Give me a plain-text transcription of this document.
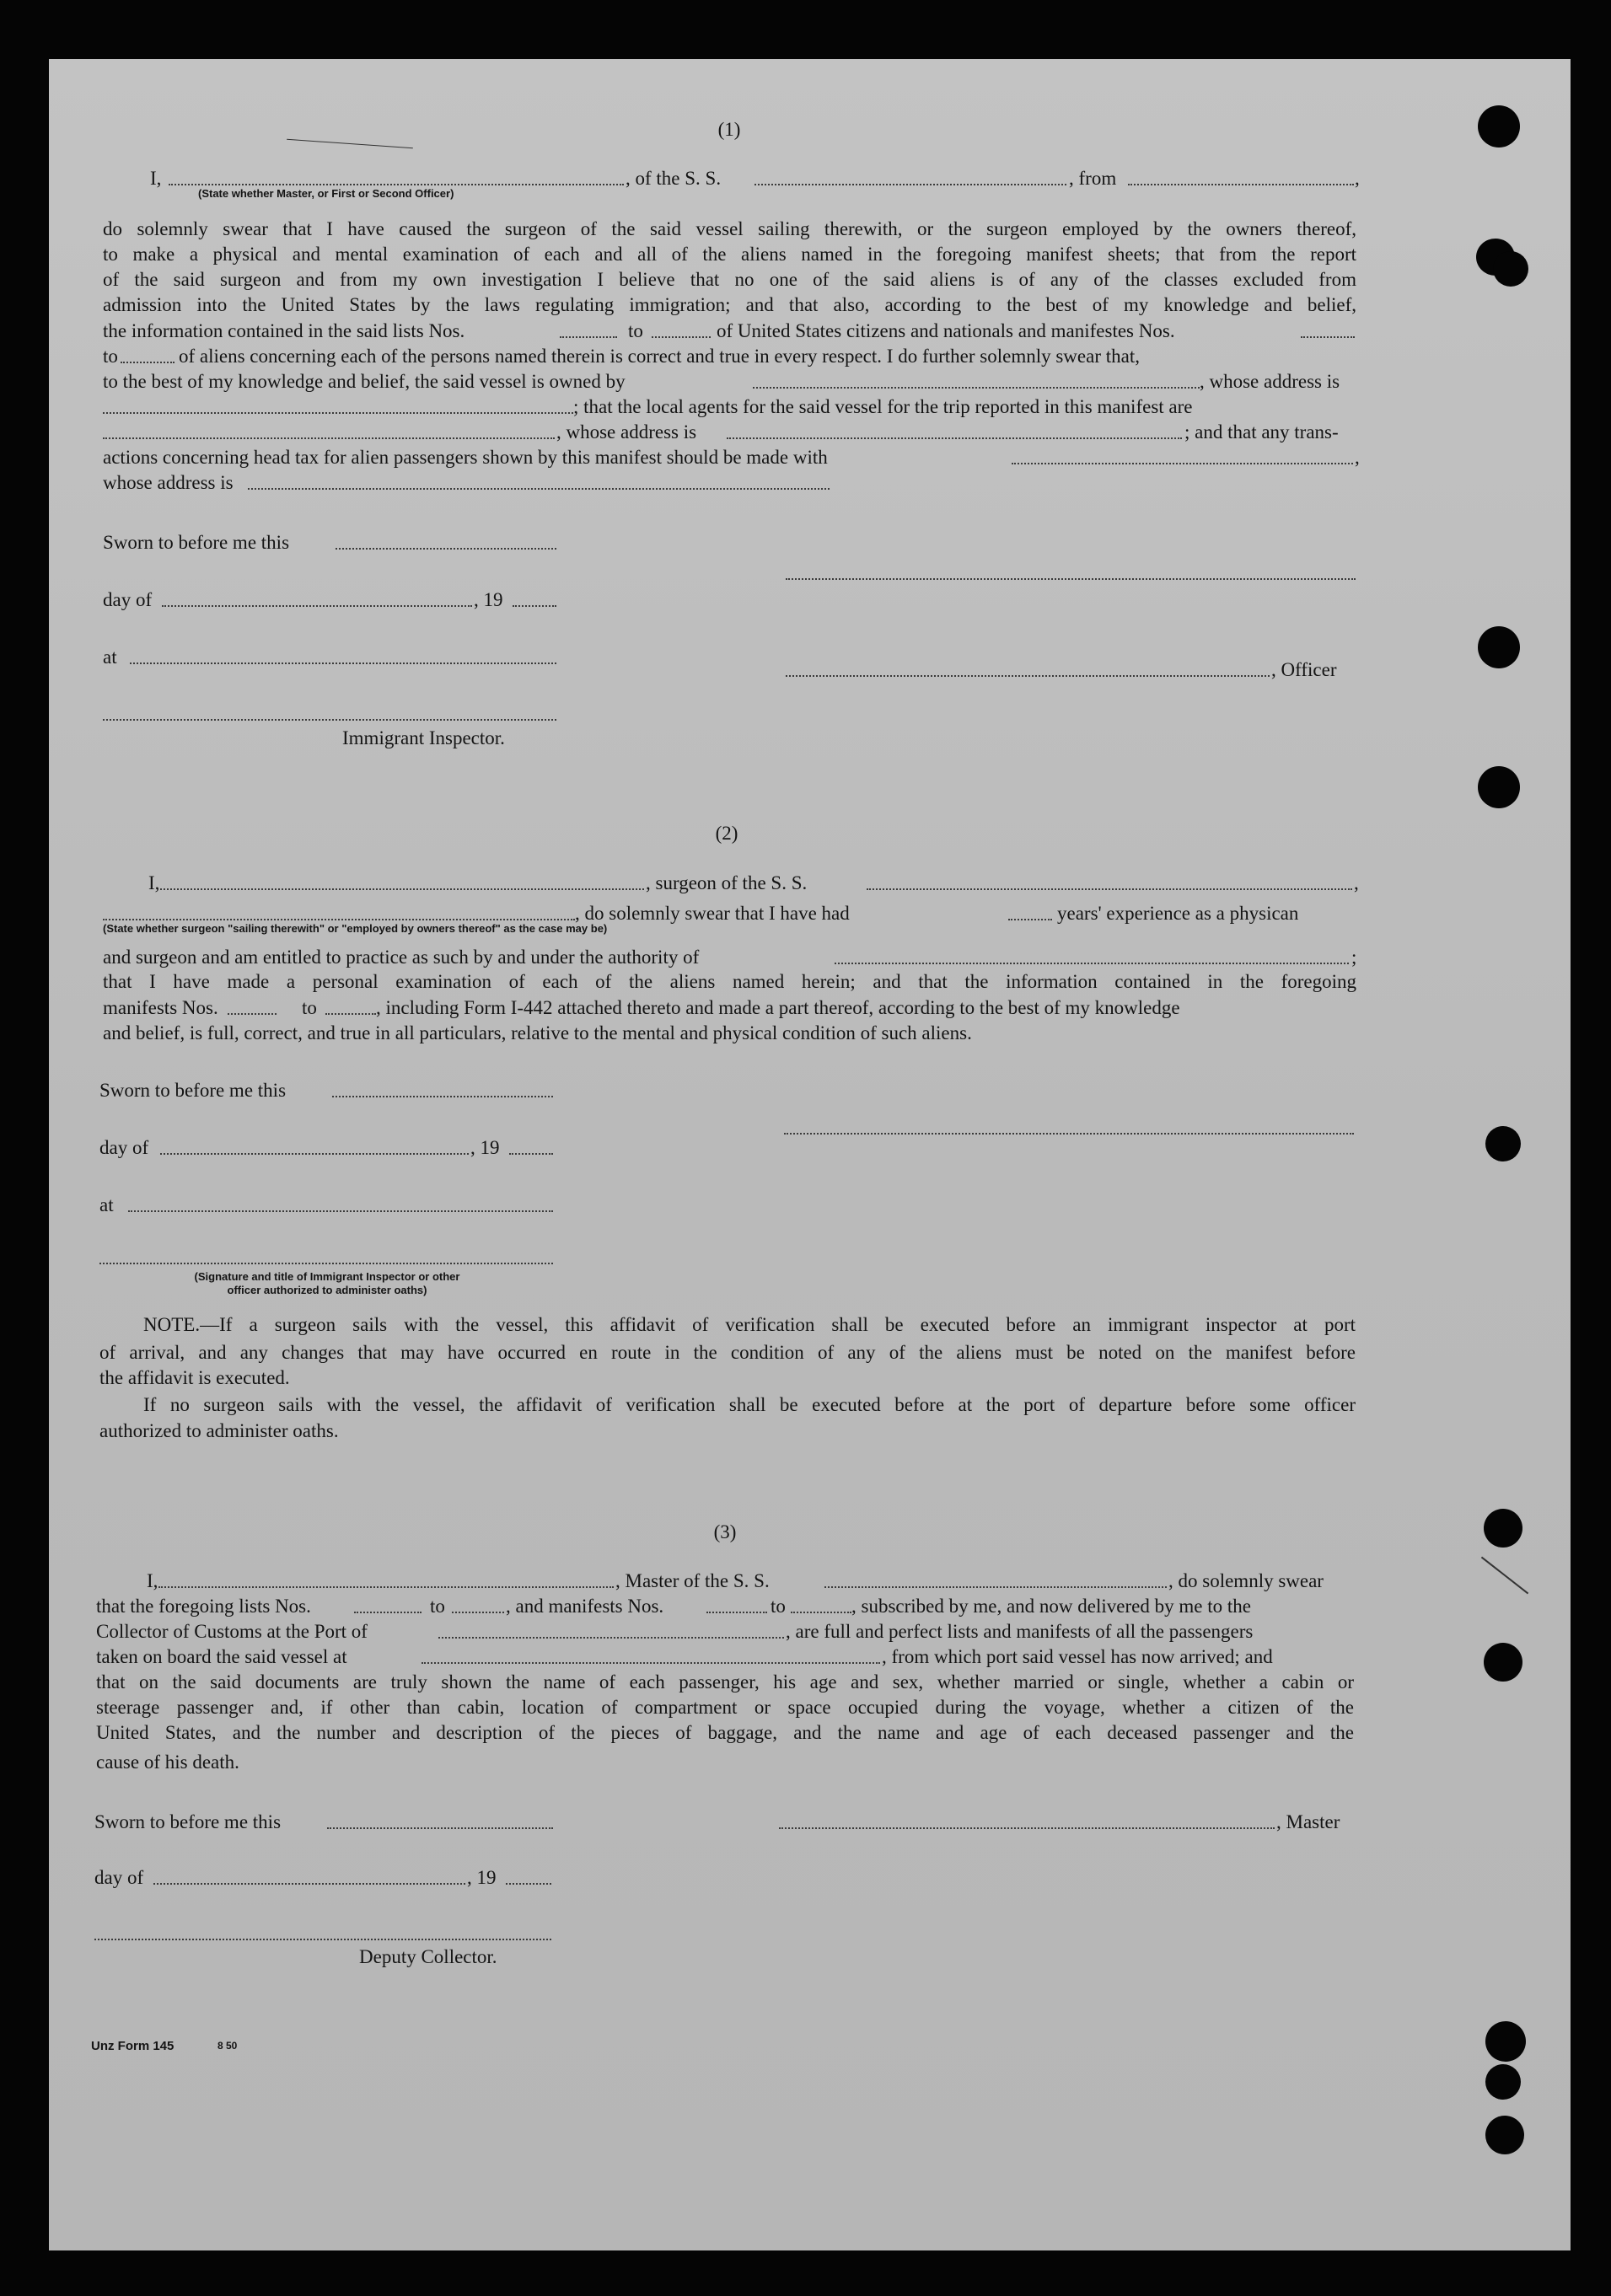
(1)
I,	, of the S. S.	, from	,
(State whether Master, or First or Second Officer)
do solemnly swear that I have caused the surgeon of the said vessel sailing therewith, or the surgeon employed by the owners thereof,
to make a physical and mental examination of each and all of the aliens named in the foregoing manifest sheets; that from the report
of the said surgeon and from my own investigation I believe that no one of the said aliens is of any of the classes excluded from
admission into the United States by the laws regulating immigration; and that also, according to the best of my knowledge and belief,
the information contained in the said lists Nos.	to	of United States citizens and nationals and manifestes Nos.
to	of aliens concerning each of the persons named therein is correct and true in every respect. I do further solemnly swear that,
to the best of my knowledge and belief, the said vessel is owned by	, whose address is
; that the local agents for the said vessel for the trip reported in this manifest are
, whose address is	; and that any trans-
actions concerning head tax for alien passengers shown by this manifest should be made with	,
whose address is
Sworn to before me this
day of	, 19
at
, Officer
Immigrant Inspector.
(2)
I,	, surgeon of the S. S.	,
, do solemnly swear that I have had	years' experience as a physican
(State whether surgeon "sailing therewith" or "employed by owners thereof" as the case may be)
and surgeon and am entitled to practice as such by and under the authority of	;
that I have made a personal examination of each of the aliens named herein; and that the information contained in the foregoing
manifests Nos.	to	, including Form I-442 attached thereto and made a part thereof, according to the best of my knowledge
and belief, is full, correct, and true in all particulars, relative to the mental and physical condition of such aliens.
Sworn to before me this
day of	, 19
at
(Signature and title of Immigrant Inspector or other
officer authorized to administer oaths)
NOTE.—If a surgeon sails with the vessel, this affidavit of verification shall be executed before an immigrant inspector at port
of arrival, and any changes that may have occurred en route in the condition of any of the aliens must be noted on the manifest before
the affidavit is executed.
If no surgeon sails with the vessel, the affidavit of verification shall be executed before at the port of departure before some officer
authorized to administer oaths.
(3)
I,	, Master of the S. S.	, do solemnly swear
that the foregoing lists Nos.	to	, and manifests Nos.	to	, subscribed by me, and now delivered by me to the
Collector of Customs at the Port of	, are full and perfect lists and manifests of all the passengers
taken on board the said vessel at	, from which port said vessel has now arrived; and
that on the said documents are truly shown the name of each passenger, his age and sex, whether married or single, whether a cabin or
steerage passenger and, if other than cabin, location of compartment or space occupied during the voyage, whether a citizen of the
United States, and the number and description of the pieces of baggage, and the name and age of each deceased passenger and the
cause of his death.
Sworn to before me this	, Master
day of	, 19
Deputy Collector.
Unz Form 145	8 50
